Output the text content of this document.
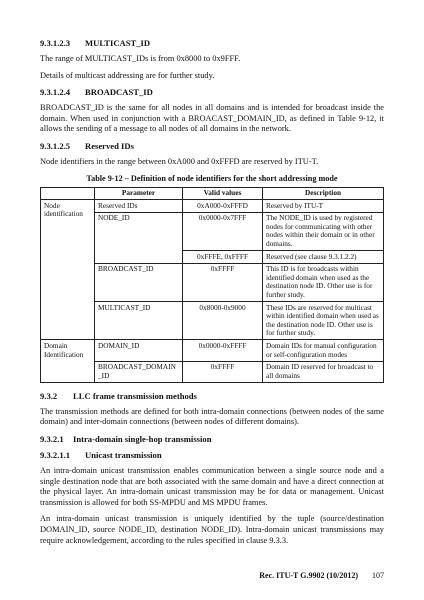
9.3.1.2.3 MULTICAST_ID

The range of MULTICAST_IDs is from 0x8000 to 0x9FFF.

Details of multicast addressing are for further study.

9.3.1.2.4 BROADCAST_ID

BROADCAST_ID is the same for all nodes in all domains and is intended for broadcast inside the domain. When used in conjunction with a BROACAST_DOMAIN_ID, as defined in Table 9-12, it allows the sending of a message to all nodes of all domains in the network.

9.3.1.2.5 Reserved IDs

Node identifiers in the range between 0xA000 and 0xFFFD are reserved by ITU-T.

Table 9-12 – Definition of node identifiers for the short addressing mode
	Parameter	Valid values	Description
Node identification	Reserved IDs	0xA000-0xFFFD	Reserved by ITU-T
	NODE_ID	0x0000-0x7FFF	The NODE_ID is used by registered nodes for communicating with other nodes within their domain or in other domains.
		0xFFFE, 0xFFFF	Reserved (see clause 9.3.1.2.2)
	BROADCAST_ID	0xFFFF	This ID is for broadcasts within identified domain when used as the destination node ID. Other use is for further study.
	MULTICAST_ID	0x8000-0x9000	These IDs are reserved for multicast within identified domain when used as the destination node ID. Other use is for further study.
Domain Identification	DOMAIN_ID	0x0000-0xFFFF	Domain IDs for manual configuration or self-configuration modes
	BROADCAST_DOMAIN_ID	0xFFFF	Domain ID reserved for broadcast to all domains
9.3.2 LLC frame transmission methods

The transmission methods are defined for both intra-domain connections (between nodes of the same domain) and inter-domain connections (between nodes of different domains).

9.3.2.1 Intra-domain single-hop transmission
9.3.2.1.1 Unicast transmission

An intra-domain unicast transmission enables communication between a single source node and a single destination node that are both associated with the same domain and have a direct connection at the physical layer. An intra-domain unicast transmission may be for data or management. Unicast transmission is allowed for both SS-MPDU and MS MPDU frames.

An intra-domain unicast transmission is uniquely identified by the tuple (source/destination DOMAIN_ID, source NODE_ID, destination NODE_ID). Intra-domain unicast transmissions may require acknowledgement, according to the rules specified in clause 9.3.3.

Rec. ITU-T G.9902 (10/2012) 107
